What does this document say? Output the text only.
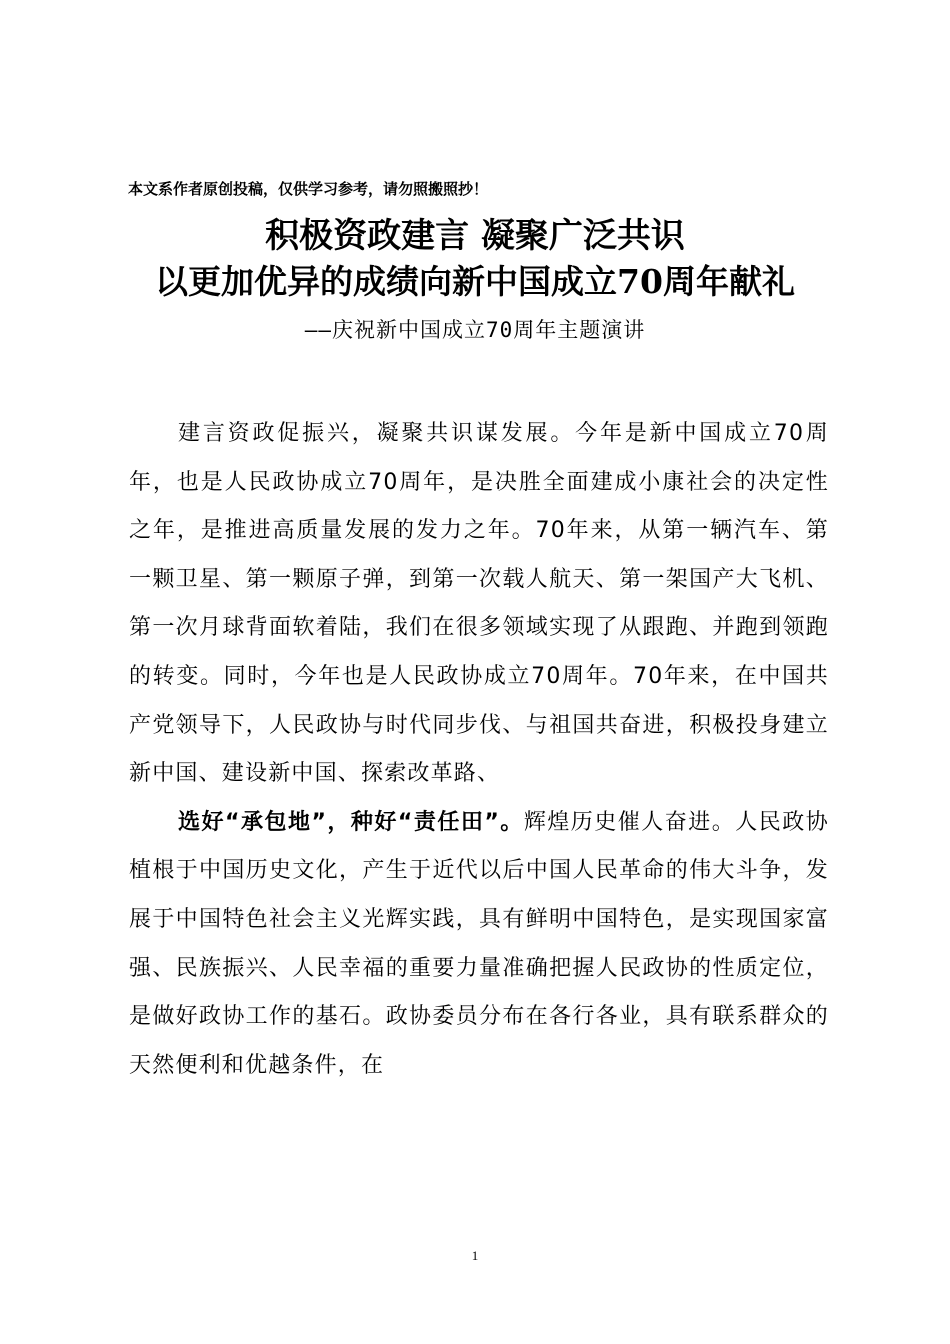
本文系作者原创投稿，仅供学习参考，请勿照搬照抄！
积极资政建言 凝聚广泛共识
以更加优异的成绩向新中国成立70周年献礼
——庆祝新中国成立70周年主题演讲

建言资政促振兴，凝聚共识谋发展。今年是新中国成立70周年，也是人民政协成立70周年，是决胜全面建成小康社会的决定性之年，是推进高质量发展的发力之年。70年来，从第一辆汽车、第一颗卫星、第一颗原子弹，到第一次载人航天、第一架国产大飞机、第一次月球背面软着陆，我们在很多领域实现了从跟跑、并跑到领跑的转变。同时，今年也是人民政协成立70周年。70年来，在中国共产党领导下，人民政协与时代同步伐、与祖国共奋进，积极投身建立新中国、建设新中国、探索改革路、

选好“承包地”，种好“责任田”。辉煌历史催人奋进。人民政协植根于中国历史文化，产生于近代以后中国人民革命的伟大斗争，发展于中国特色社会主义光辉实践，具有鲜明中国特色，是实现国家富强、民族振兴、人民幸福的重要力量准确把握人民政协的性质定位，是做好政协工作的基石。政协委员分布在各行各业，具有联系群众的天然便利和优越条件，在

1
